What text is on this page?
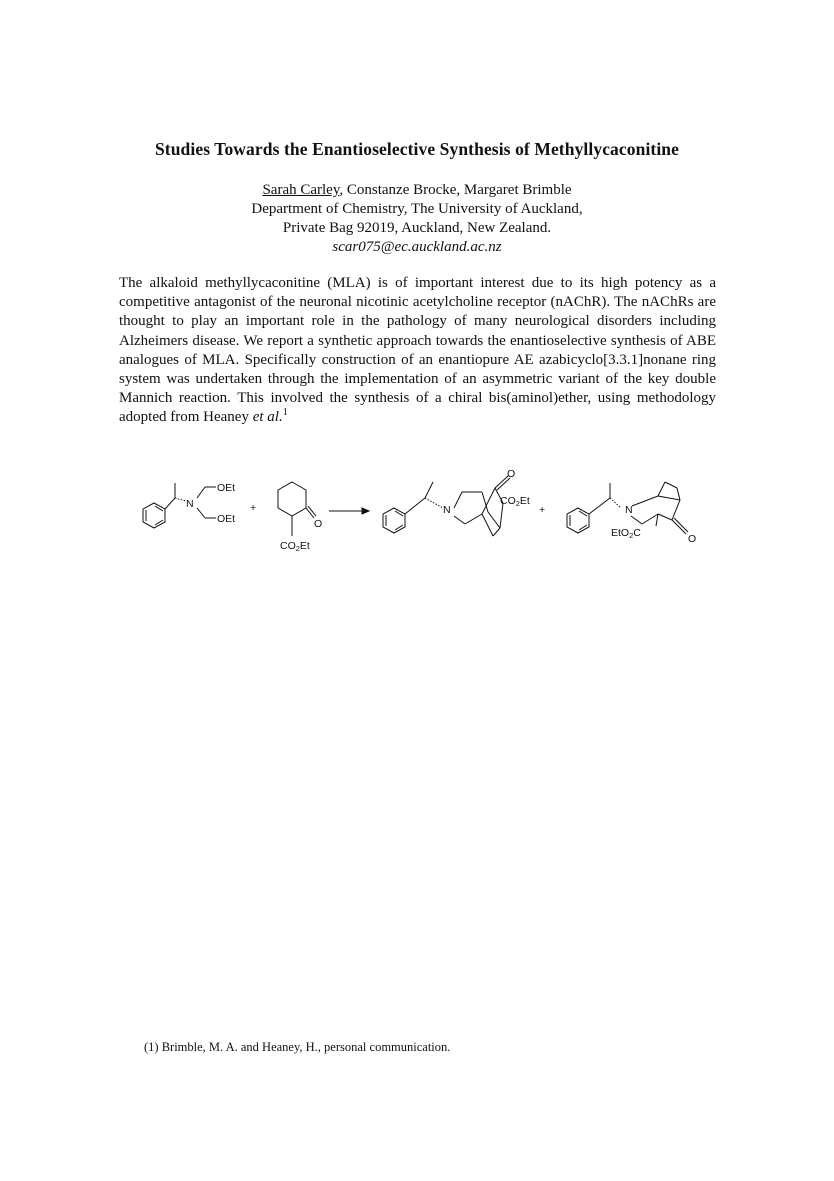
Studies Towards the Enantioselective Synthesis of Methyllycaconitine
Sarah Carley, Constanze Brocke, Margaret Brimble
Department of Chemistry, The University of Auckland,
Private Bag 92019, Auckland, New Zealand.
scar075@ec.auckland.ac.nz
The alkaloid methyllycaconitine (MLA) is of important interest due to its high potency as a competitive antagonist of the neuronal nicotinic acetylcholine receptor (nAChR). The nAChRs are thought to play an important role in the pathology of many neurological disorders including Alzheimers disease. We report a synthetic approach towards the enantioselective synthesis of ABE analogues of MLA. Specifically construction of an enantiopure AE azabicyclo[3.3.1]nonane ring system was undertaken through the implementation of an asymmetric variant of the key double Mannich reaction. This involved the synthesis of a chiral bis(aminol)ether, using methodology adopted from Heaney et al.$^1$
N
OEt
OEt
+
O
CO2Et
N
O
CO2Et
+	N
EtO2C	O
(1) Brimble, M. A. and Heaney, H., personal communication.
